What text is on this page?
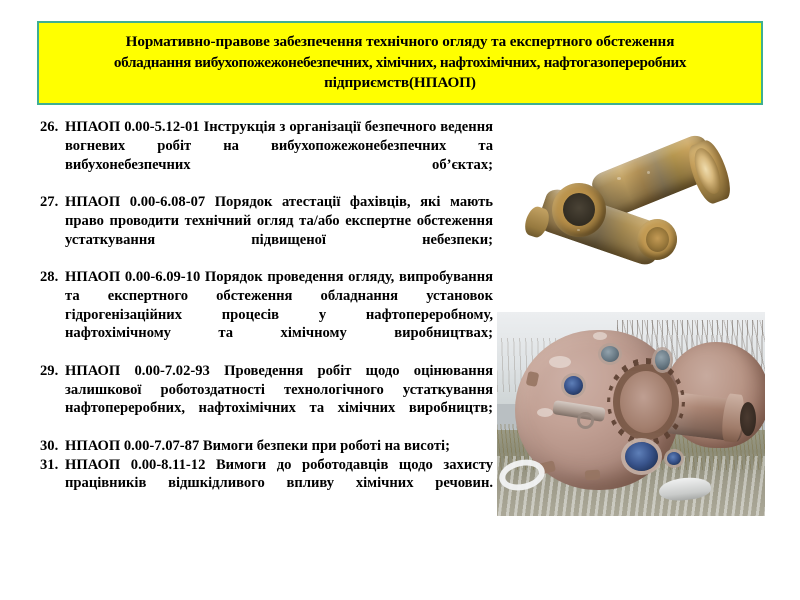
Нормативно-правове забезпечення технічного огляду та експертного обстеження
обладнання вибухопожежонебезпечних, хімічних, нафтохімічних, нафтогазопереробних
підприємств(НПАОП)
26. НПАОП 0.00-5.12-01 Інструкція з організації безпечного ведення вогневих робіт на вибухопожежонебезпечних та вибухонебезпечних об’єктах;
27. НПАОП 0.00-6.08-07 Порядок атестації фахівців, які мають право проводити технічний огляд та/або експертне обстеження устаткування підвищеної небезпеки;
28. НПАОП 0.00-6.09-10 Порядок проведення огляду, випробування та експертного обстеження обладнання установок гідрогенізаційних процесів у нафтопереробному, нафтохімічному та хімічному виробництвах;
29. НПАОП 0.00-7.02-93 Проведення робіт щодо оцінювання залишкової роботоздатності технологічного устаткування нафтопереробних, нафтохімічних та хімічних виробництв;
30. НПАОП 0.00-7.07-87 Вимоги безпеки при роботі на висоті;
31. НПАОП 0.00-8.11-12 Вимоги до роботодавців щодо захисту працівників відшкідливого впливу хімічних речовин.
